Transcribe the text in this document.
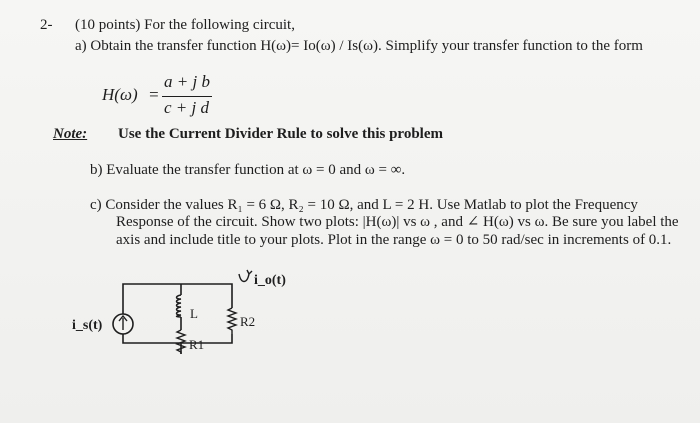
2- (10 points) For the following circuit,
a) Obtain the transfer function H(ω)= Io(ω) / Is(ω). Simplify your transfer function to the form
H(ω) =
a + j b
c + j d
Note: Use the Current Divider Rule to solve this problem
b) Evaluate the transfer function at ω = 0 and ω = ∞.
c) Consider the values R₁ = 6 Ω, R₂ = 10 Ω, and L = 2 H. Use Matlab to plot the Frequency
Response of the circuit. Show two plots: |H(ω)| vs ω , and ∠ H(ω) vs ω. Be sure you label the
axis and include title to your plots. Plot in the range ω = 0 to 50 rad/sec in increments of 0.1.
i_s(t)
i_o(t)
L
R1
R2
